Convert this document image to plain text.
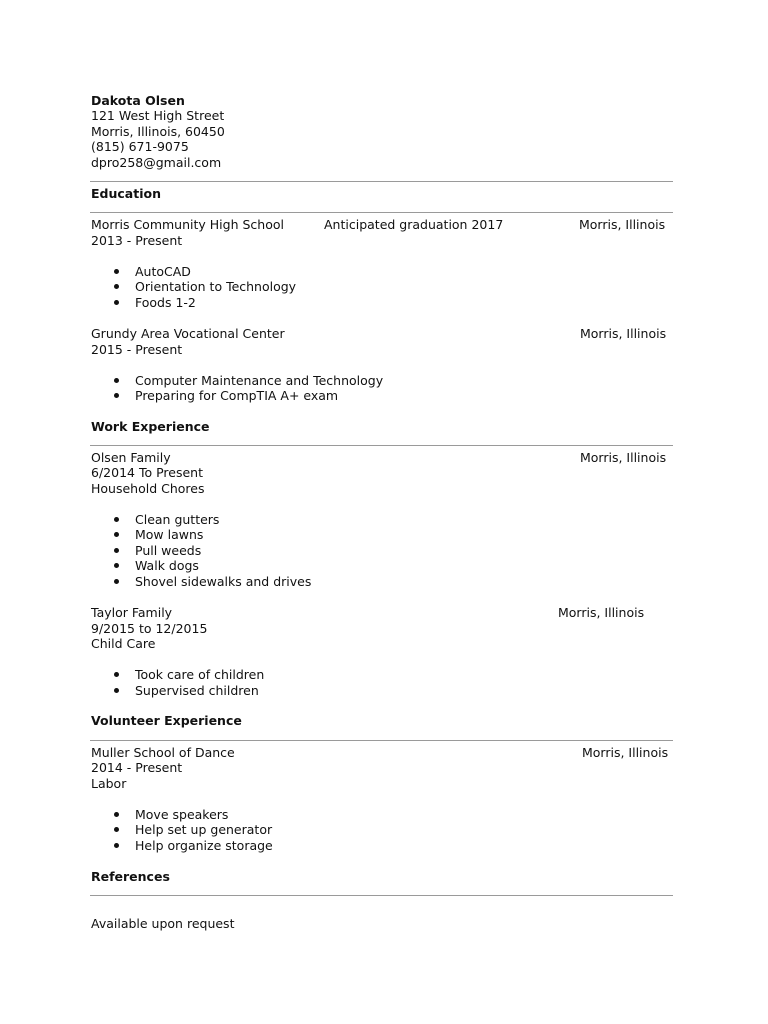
Dakota Olsen
121 West High Street
Morris, Illinois, 60450
(815) 671-9075
dpro258@gmail.com
Education
Morris Community High School	Anticipated graduation 2017	Morris, Illinois
2013 - Present
AutoCAD
Orientation to Technology
Foods 1-2
Grundy Area Vocational Center	Morris, Illinois
2015 - Present
Computer Maintenance and Technology
Preparing for CompTIA A+ exam
Work Experience
Olsen Family	Morris, Illinois
6/2014 To Present
Household Chores
Clean gutters
Mow lawns
Pull weeds
Walk dogs
Shovel sidewalks and drives
Taylor Family	Morris, Illinois
9/2015 to 12/2015
Child Care
Took care of children
Supervised children
Volunteer Experience
Muller School of Dance	Morris, Illinois
2014 - Present
Labor
Move speakers
Help set up generator
Help organize storage
References
Available upon request
